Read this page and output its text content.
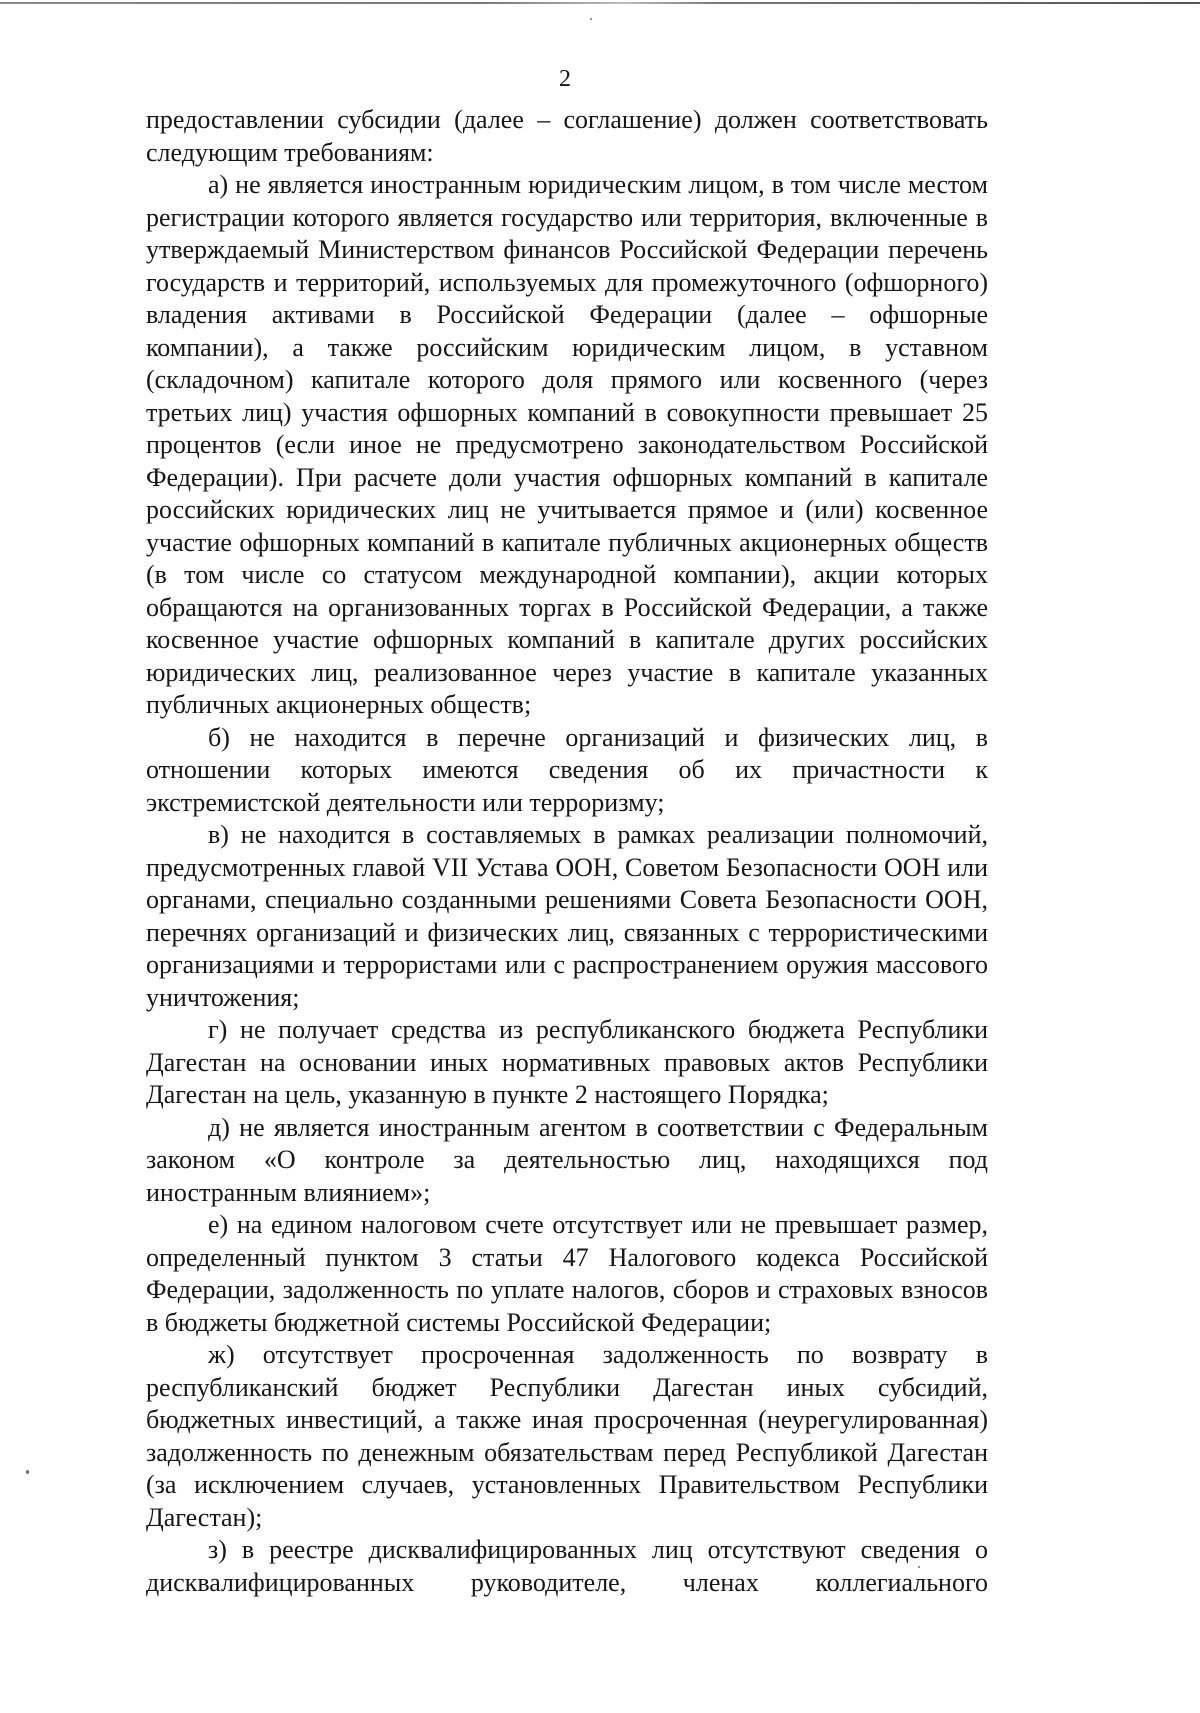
2

предоставлении субсидии (далее – соглашение) должен соответствовать следующим требованиям:

а) не является иностранным юридическим лицом, в том числе местом регистрации которого является государство или территория, включенные в утверждаемый Министерством финансов Российской Федерации перечень государств и территорий, используемых для промежуточного (офшорного) владения активами в Российской Федерации (далее – офшорные компании), а также российским юридическим лицом, в уставном (складочном) капитале которого доля прямого или косвенного (через третьих лиц) участия офшорных компаний в совокупности превышает 25 процентов (если иное не предусмотрено законодательством Российской Федерации). При расчете доли участия офшорных компаний в капитале российских юридических лиц не учитывается прямое и (или) косвенное участие офшорных компаний в капитале публичных акционерных обществ (в том числе со статусом международной компании), акции которых обращаются на организованных торгах в Российской Федерации, а также косвенное участие офшорных компаний в капитале других российских юридических лиц, реализованное через участие в капитале указанных публичных акционерных обществ;

б) не находится в перечне организаций и физических лиц, в отношении которых имеются сведения об их причастности к экстремистской деятельности или терроризму;

в) не находится в составляемых в рамках реализации полномочий, предусмотренных главой VII Устава ООН, Советом Безопасности ООН или органами, специально созданными решениями Совета Безопасности ООН, перечнях организаций и физических лиц, связанных с террористическими организациями и террористами или с распространением оружия массового уничтожения;

г) не получает средства из республиканского бюджета Республики Дагестан на основании иных нормативных правовых актов Республики Дагестан на цель, указанную в пункте 2 настоящего Порядка;

д) не является иностранным агентом в соответствии с Федеральным законом «О контроле за деятельностью лиц, находящихся под иностранным влиянием»;

е) на едином налоговом счете отсутствует или не превышает размер, определенный пунктом 3 статьи 47 Налогового кодекса Российской Федерации, задолженность по уплате налогов, сборов и страховых взносов в бюджеты бюджетной системы Российской Федерации;

ж) отсутствует просроченная задолженность по возврату в республиканский бюджет Республики Дагестан иных субсидий, бюджетных инвестиций, а также иная просроченная (неурегулированная) задолженность по денежным обязательствам перед Республикой Дагестан (за исключением случаев, установленных Правительством Республики Дагестан);

з) в реестре дисквалифицированных лиц отсутствуют сведения о дисквалифицированных руководителе, членах коллегиального
